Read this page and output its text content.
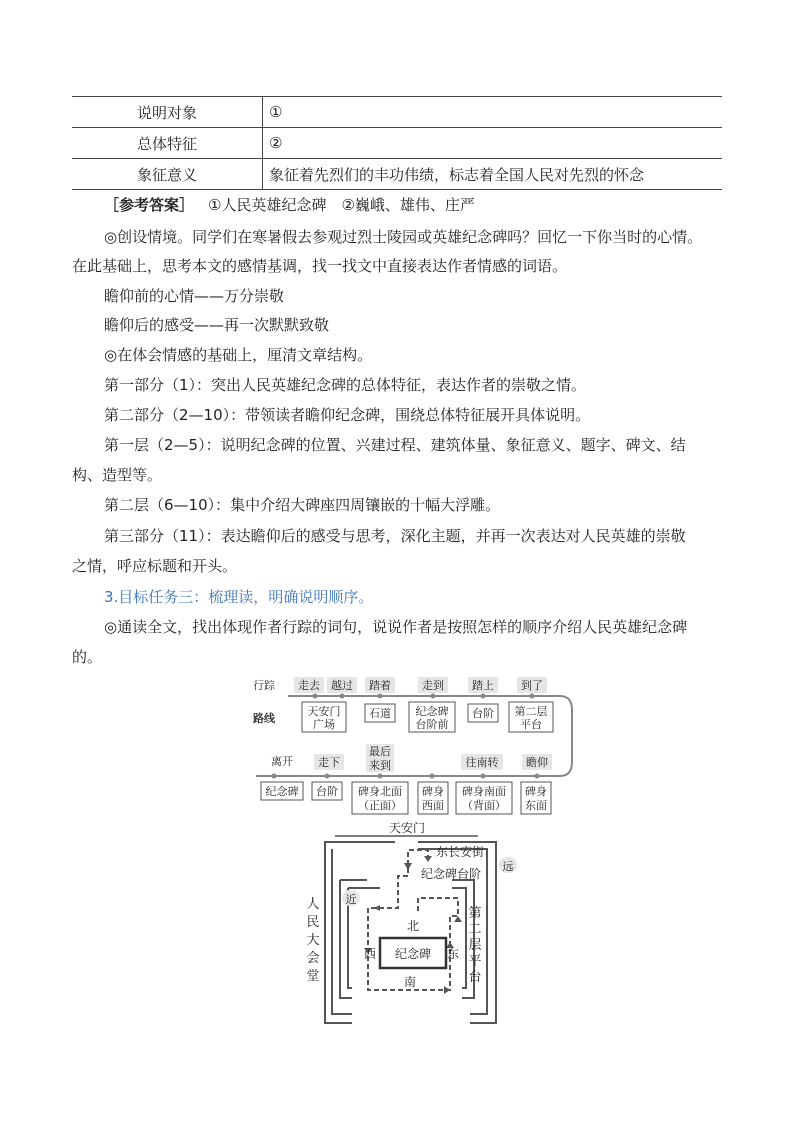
说明对象	①
总体特征	②
象征意义	象征着先烈们的丰功伟绩，标志着全国人民对先烈的怀念
［参考答案］ ①人民英雄纪念碑　②巍峨、雄伟、庄严
◎创设情境。同学们在寒暑假去参观过烈士陵园或英雄纪念碑吗？回忆一下你当时的心情。
在此基础上，思考本文的感情基调，找一找文中直接表达作者情感的词语。
瞻仰前的心情——万分崇敬
瞻仰后的感受——再一次默默致敬
◎在体会情感的基础上，厘清文章结构。
第一部分（1）：突出人民英雄纪念碑的总体特征，表达作者的崇敬之情。
第二部分（2—10）：带领读者瞻仰纪念碑，围绕总体特征展开具体说明。
第一层（2—5）：说明纪念碑的位置、兴建过程、建筑体量、象征意义、题字、碑文、结
构、造型等。
第二层（6—10）：集中介绍大碑座四周镶嵌的十幅大浮雕。
第三部分（11）：表达瞻仰后的感受与思考，深化主题，并再一次表达对人民英雄的崇敬
之情，呼应标题和开头。
3.目标任务三：梳理读，明确说明顺序。
◎通读全文，找出体现作者行踪的词句，说说作者是按照怎样的顺序介绍人民英雄纪念碑
的。
行踪
路线
走去 越过 踏着	走到	踏上 到了
天安门
广场
石道 纪念碑
台阶前
台阶 第二层
平台
离开 走下
最后
来到	往南转	瞻仰
纪念碑 台阶 碑身北面
（正面）
碑身
西面
碑身南面
（背面）
碑身
东面
天安门
纪念碑
北
南
西	东
东长安街
远
纪念碑台阶
近
人
民
大
会
堂
第
二
层
平
台
